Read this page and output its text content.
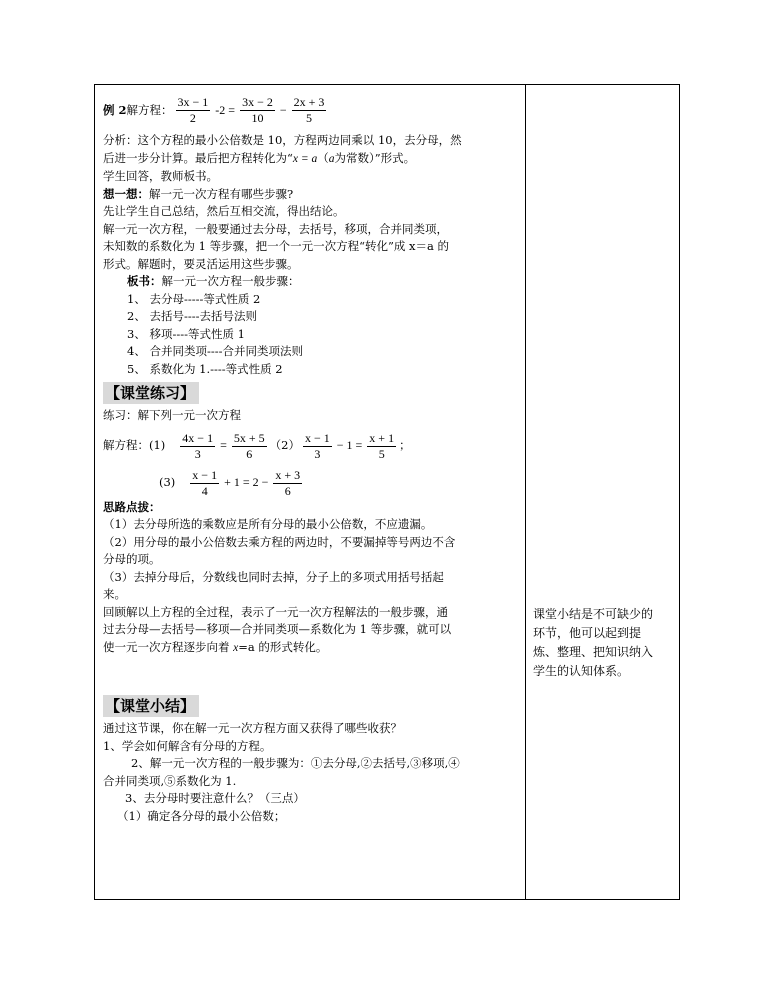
例 2 解方程： $\frac{3x - 1}{2} -2 = \frac{3x - 2}{10} - \frac{2x + 3}{5}$
分析：这个方程的最小公倍数是 10，方程两边同乘以 10，去分母，然
后进一步分计算。最后把方程转化为“x = a（a为常数）”形式。
学生回答，教师板书。
想一想：解一元一次方程有哪些步骤?
先让学生自己总结，然后互相交流，得出结论。
解一元一次方程，一般要通过去分母，去括号，移项，合并同类项，
未知数的系数化为 1 等步骤，把一个一元一次方程“转化”成 x＝a 的
形式。解题时，要灵活运用这些步骤。
板书：解一元一次方程一般步骤：
1、 去分母-----等式性质 2
2、 去括号----去括号法则
3、 移项----等式性质 1
4、 合并同类项----合并同类项法则
5、 系数化为 1.----等式性质 2
【课堂练习】
练习：解下列一元一次方程
解方程：$(1) \frac{4x - 1}{3} = \frac{5x + 5}{6} (2) \frac{x - 1}{3} - 1 = \frac{x + 1}{5}$ ；
$(3) \frac{x - 1}{4} + 1 = 2 - \frac{x + 3}{6}$
思路点拔：
（1）去分母所选的乘数应是所有分母的最小公倍数，不应遗漏。
（2）用分母的最小公倍数去乘方程的两边时，不要漏掉等号两边不含
分母的项。
（3）去掉分母后，分数线也同时去掉，分子上的多项式用括号括起
来。
回顾解以上方程的全过程，表示了一元一次方程解法的一般步骤，通
过去分母—去括号—移项—合并同类项—系数化为 1 等步骤，就可以
使一元一次方程逐步向着 x=a 的形式转化。
【课堂小结】
通过这节课，你在解一元一次方程方面又获得了哪些收获？
1、学会如何解含有分母的方程。
2、解一元一次方程的一般步骤为：①去分母,②去括号,③移项,④
合并同类项,⑤系数化为 1.
3、去分母时要注意什么？（三点）
（1）确定各分母的最小公倍数；
课堂小结是不可缺少的
环节，他可以起到提
炼、整理、把知识纳入
学生的认知体系。
